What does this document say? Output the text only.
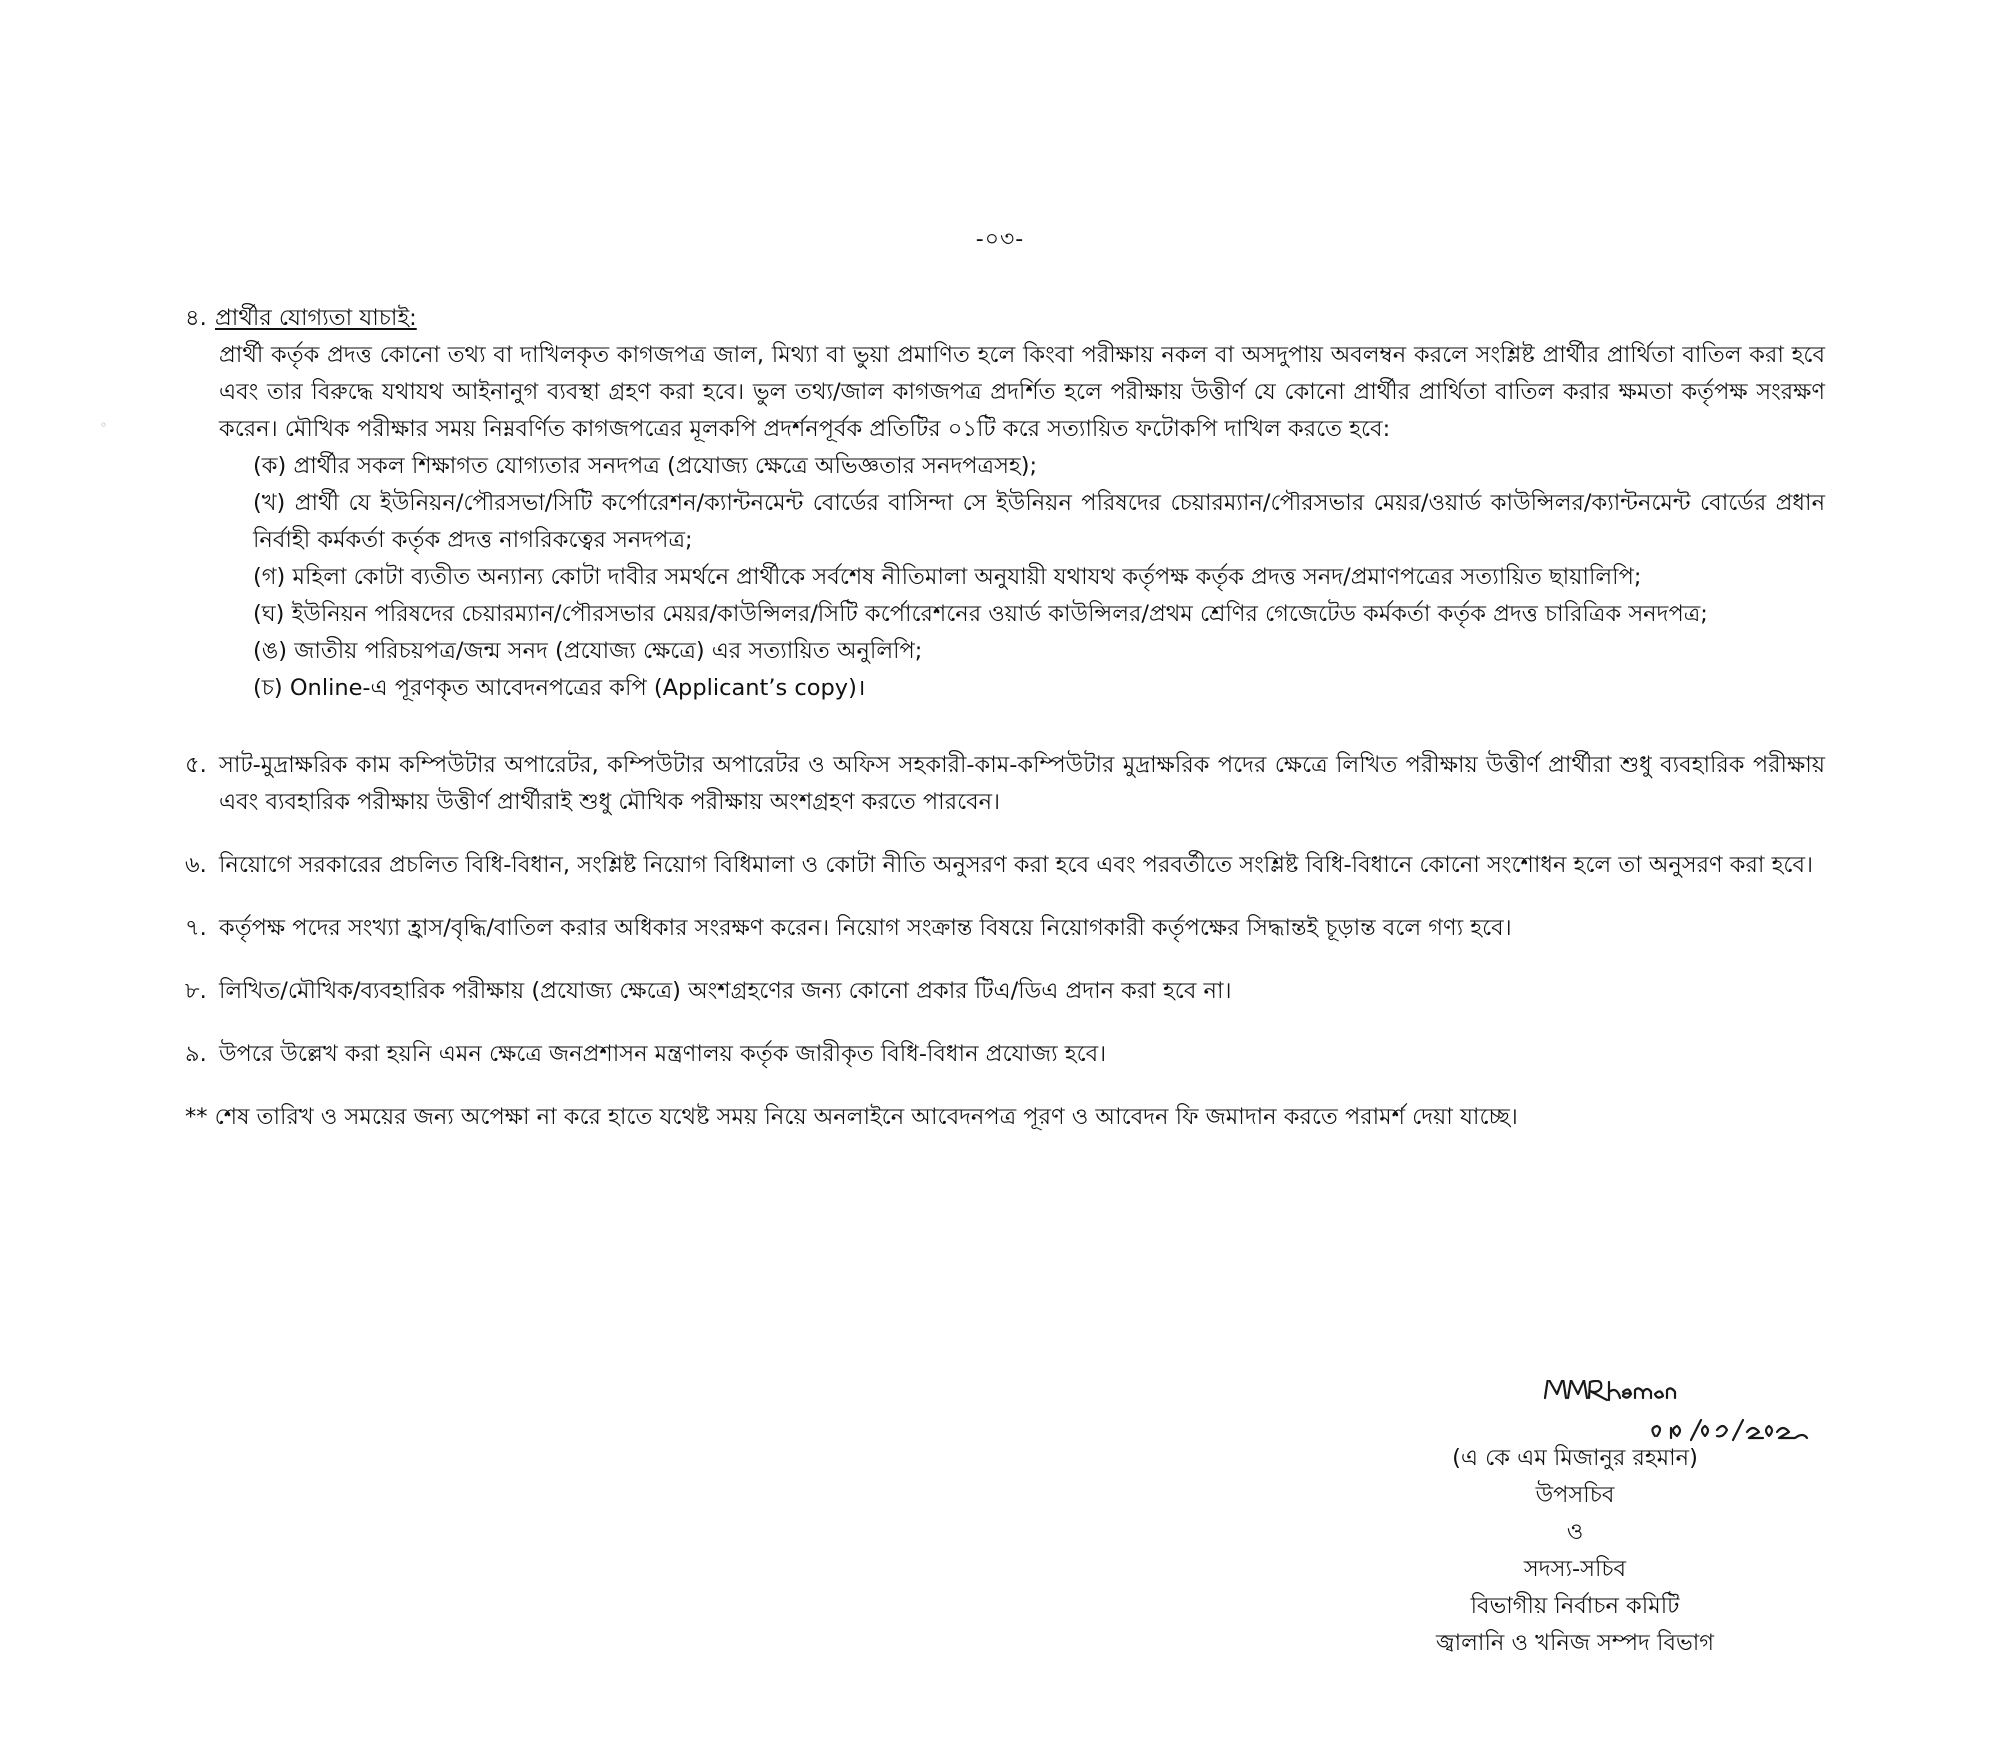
-০৩-
◦
৪. প্রার্থীর যোগ্যতা যাচাই:
প্রার্থী কর্তৃক প্রদত্ত কোনো তথ্য বা দাখিলকৃত কাগজপত্র জাল, মিথ্যা বা ভুয়া প্রমাণিত হলে কিংবা পরীক্ষায় নকল বা অসদুপায় অবলম্বন করলে সংশ্লিষ্ট প্রার্থীর প্রার্থিতা বাতিল করা হবে এবং তার বিরুদ্ধে যথাযথ আইনানুগ ব্যবস্থা গ্রহণ করা হবে। ভুল তথ্য/জাল কাগজপত্র প্রদর্শিত হলে পরীক্ষায় উত্তীর্ণ যে কোনো প্রার্থীর প্রার্থিতা বাতিল করার ক্ষমতা কর্তৃপক্ষ সংরক্ষণ করেন। মৌখিক পরীক্ষার সময় নিম্নবর্ণিত কাগজপত্রের মূলকপি প্রদর্শনপূর্বক প্রতিটির ০১টি করে সত্যায়িত ফটোকপি দাখিল করতে হবে:
(ক) প্রার্থীর সকল শিক্ষাগত যোগ্যতার সনদপত্র (প্রযোজ্য ক্ষেত্রে অভিজ্ঞতার সনদপত্রসহ);
(খ) প্রার্থী যে ইউনিয়ন/পৌরসভা/সিটি কর্পোরেশন/ক্যান্টনমেন্ট বোর্ডের বাসিন্দা সে ইউনিয়ন পরিষদের চেয়ারম্যান/পৌরসভার মেয়র/ওয়ার্ড কাউন্সিলর/ক্যান্টনমেন্ট বোর্ডের প্রধান নির্বাহী কর্মকর্তা কর্তৃক প্রদত্ত নাগরিকত্বের সনদপত্র;
(গ) মহিলা কোটা ব্যতীত অন্যান্য কোটা দাবীর সমর্থনে প্রার্থীকে সর্বশেষ নীতিমালা অনুযায়ী যথাযথ কর্তৃপক্ষ কর্তৃক প্রদত্ত সনদ/প্রমাণপত্রের সত্যায়িত ছায়ালিপি;
(ঘ) ইউনিয়ন পরিষদের চেয়ারম্যান/পৌরসভার মেয়র/কাউন্সিলর/সিটি কর্পোরেশনের ওয়ার্ড কাউন্সিলর/প্রথম শ্রেণির গেজেটেড কর্মকর্তা কর্তৃক প্রদত্ত চারিত্রিক সনদপত্র;
(ঙ) জাতীয় পরিচয়পত্র/জন্ম সনদ (প্রযোজ্য ক্ষেত্রে) এর সত্যায়িত অনুলিপি;
(চ) Online-এ পূরণকৃত আবেদনপত্রের কপি (Applicant’s copy)।
৫. সাট-মুদ্রাক্ষরিক কাম কম্পিউটার অপারেটর, কম্পিউটার অপারেটর ও অফিস সহকারী-কাম-কম্পিউটার মুদ্রাক্ষরিক পদের ক্ষেত্রে লিখিত পরীক্ষায় উত্তীর্ণ প্রার্থীরা শুধু ব্যবহারিক পরীক্ষায় এবং ব্যবহারিক পরীক্ষায় উত্তীর্ণ প্রার্থীরাই শুধু মৌখিক পরীক্ষায় অংশগ্রহণ করতে পারবেন।
৬. নিয়োগে সরকারের প্রচলিত বিধি-বিধান, সংশ্লিষ্ট নিয়োগ বিধিমালা ও কোটা নীতি অনুসরণ করা হবে এবং পরবর্তীতে সংশ্লিষ্ট বিধি-বিধানে কোনো সংশোধন হলে তা অনুসরণ করা হবে।
৭. কর্তৃপক্ষ পদের সংখ্যা হ্রাস/বৃদ্ধি/বাতিল করার অধিকার সংরক্ষণ করেন। নিয়োগ সংক্রান্ত বিষয়ে নিয়োগকারী কর্তৃপক্ষের সিদ্ধান্তই চূড়ান্ত বলে গণ্য হবে।
৮. লিখিত/মৌখিক/ব্যবহারিক পরীক্ষায় (প্রযোজ্য ক্ষেত্রে) অংশগ্রহণের জন্য কোনো প্রকার টিএ/ডিএ প্রদান করা হবে না।
৯. উপরে উল্লেখ করা হয়নি এমন ক্ষেত্রে জনপ্রশাসন মন্ত্রণালয় কর্তৃক জারীকৃত বিধি-বিধান প্রযোজ্য হবে।
** শেষ তারিখ ও সময়ের জন্য অপেক্ষা না করে হাতে যথেষ্ট সময় নিয়ে অনলাইনে আবেদনপত্র পূরণ ও আবেদন ফি জমাদান করতে পরামর্শ দেয়া যাচ্ছে।
(এ কে এম মিজানুর রহমান)
উপসচিব
ও
সদস্য-সচিব
বিভাগীয় নির্বাচন কমিটি
জ্বালানি ও খনিজ সম্পদ বিভাগ
